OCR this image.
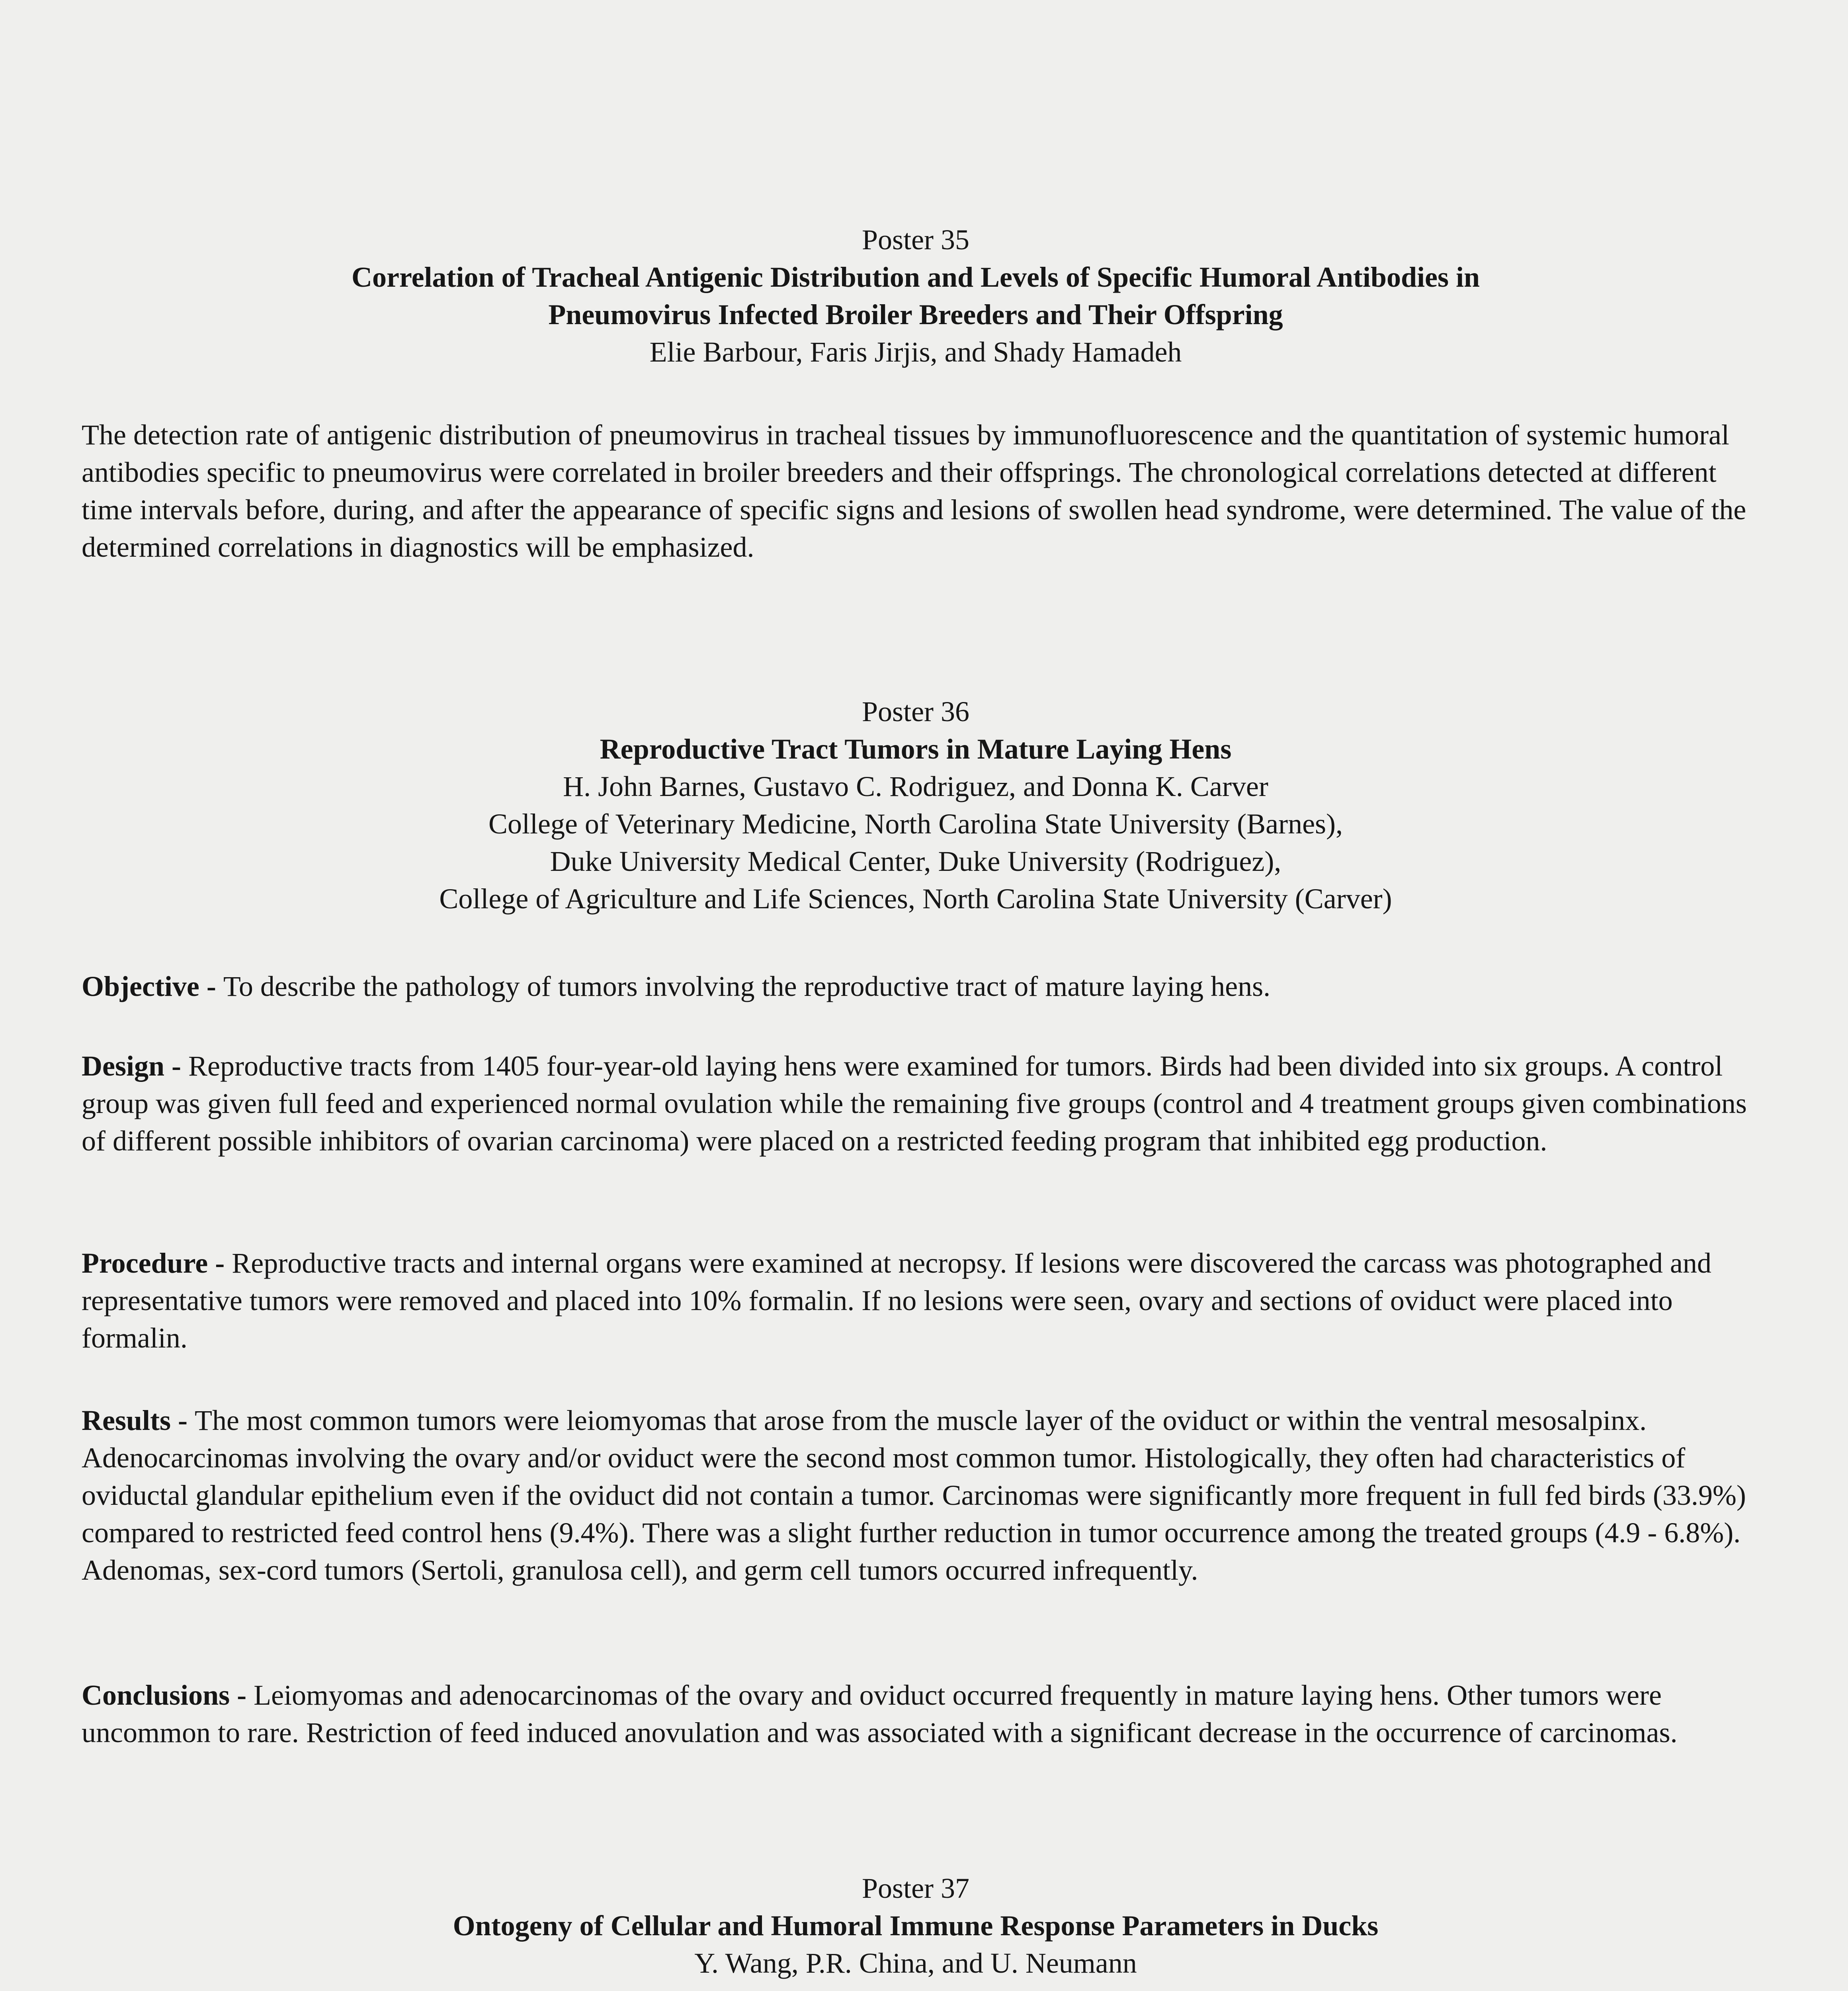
Poster 35
Correlation of Tracheal Antigenic Distribution and Levels of Specific Humoral Antibodies in
Pneumovirus Infected Broiler Breeders and Their Offspring
Elie Barbour, Faris Jirjis, and Shady Hamadeh
The detection rate of antigenic distribution of pneumovirus in tracheal tissues by immunofluorescence and the quantitation of systemic humoral antibodies specific to pneumovirus were correlated in broiler breeders and their offsprings. The chronological correlations detected at different time intervals before, during, and after the appearance of specific signs and lesions of swollen head syndrome, were determined. The value of the determined correlations in diagnostics will be emphasized.
Poster 36
Reproductive Tract Tumors in Mature Laying Hens
H. John Barnes, Gustavo C. Rodriguez, and Donna K. Carver
College of Veterinary Medicine, North Carolina State University (Barnes),
Duke University Medical Center, Duke University (Rodriguez),
College of Agriculture and Life Sciences, North Carolina State University (Carver)
Objective - To describe the pathology of tumors involving the reproductive tract of mature laying hens.
Design - Reproductive tracts from 1405 four-year-old laying hens were examined for tumors. Birds had been divided into six groups. A control group was given full feed and experienced normal ovulation while the remaining five groups (control and 4 treatment groups given combinations of different possible inhibitors of ovarian carcinoma) were placed on a restricted feeding program that inhibited egg production.
Procedure - Reproductive tracts and internal organs were examined at necropsy. If lesions were discovered the carcass was photographed and representative tumors were removed and placed into 10% formalin. If no lesions were seen, ovary and sections of oviduct were placed into formalin.
Results - The most common tumors were leiomyomas that arose from the muscle layer of the oviduct or within the ventral mesosalpinx. Adenocarcinomas involving the ovary and/or oviduct were the second most common tumor. Histologically, they often had characteristics of oviductal glandular epithelium even if the oviduct did not contain a tumor. Carcinomas were significantly more frequent in full fed birds (33.9%) compared to restricted feed control hens (9.4%). There was a slight further reduction in tumor occurrence among the treated groups (4.9 - 6.8%). Adenomas, sex-cord tumors (Sertoli, granulosa cell), and germ cell tumors occurred infrequently.
Conclusions - Leiomyomas and adenocarcinomas of the ovary and oviduct occurred frequently in mature laying hens. Other tumors were uncommon to rare. Restriction of feed induced anovulation and was associated with a significant decrease in the occurrence of carcinomas.
Poster 37
Ontogeny of Cellular and Humoral Immune Response Parameters in Ducks
Y. Wang, P.R. China, and U. Neumann
